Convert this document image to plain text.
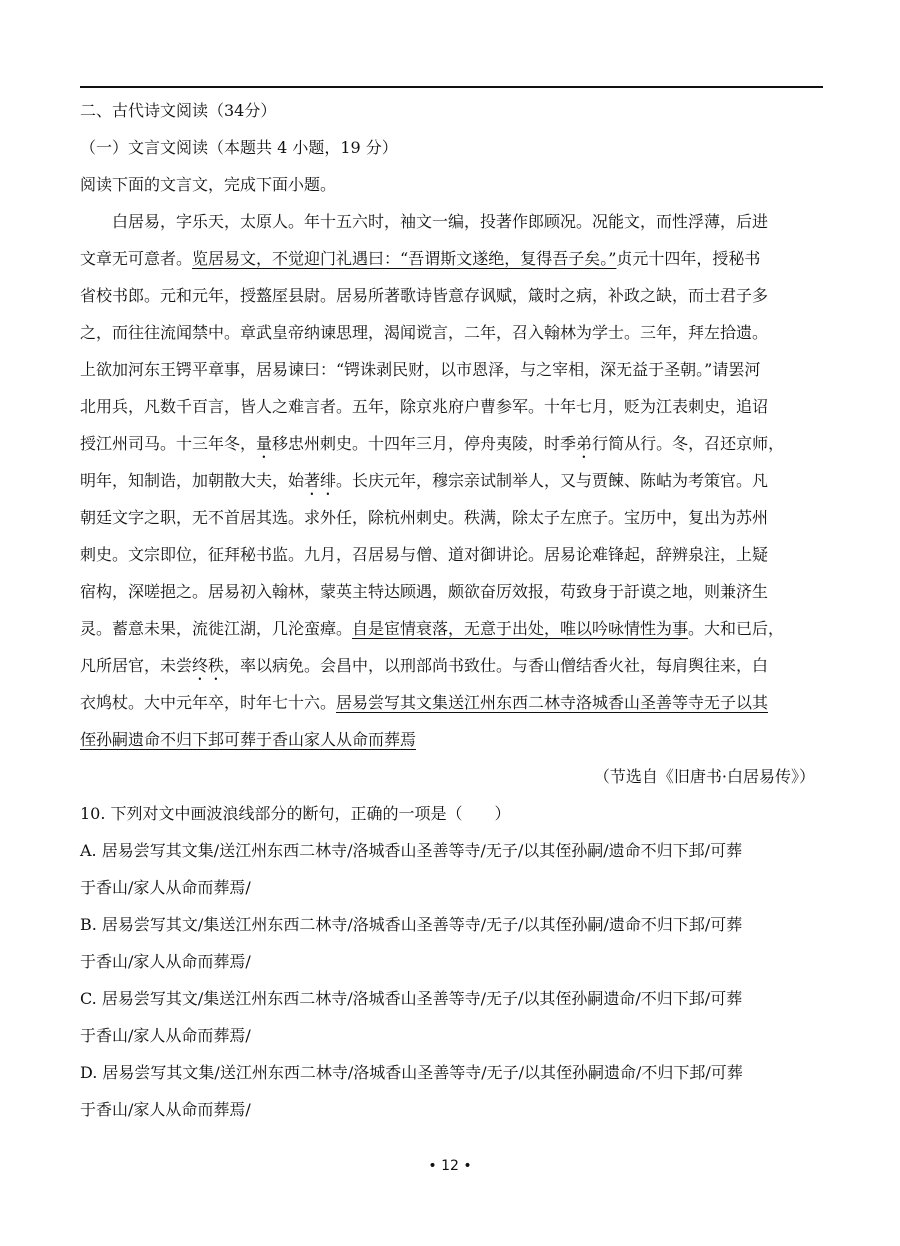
二、古代诗文阅读（34分）
（一）文言文阅读（本题共 4 小题，19 分）
阅读下面的文言文，完成下面小题。
白居易，字乐天，太原人。年十五六时，袖文一编，投著作郎顾况。况能文，而性浮薄，后进
文章无可意者。览居易文，不觉迎门礼遇曰：“吾谓斯文遂绝，复得吾子矣。”贞元十四年，授秘书
省校书郎。元和元年，授盩厔县尉。居易所著歌诗皆意存讽赋，箴时之病，补政之缺，而士君子多
之，而往往流闻禁中。章武皇帝纳谏思理，渴闻谠言，二年，召入翰林为学士。三年，拜左拾遗。
上欲加河东王锷平章事，居易谏曰：“锷诛剥民财，以市恩泽，与之宰相，深无益于圣朝。”请罢河
北用兵，凡数千百言，皆人之难言者。五年，除京兆府户曹参军。十年七月，贬为江表刺史，追诏
授江州司马。十三年冬，量移忠州刺史。十四年三月，停舟夷陵，时季弟行简从行。冬，召还京师，
明年，知制诰，加朝散大夫，始著绯。长庆元年，穆宗亲试制举人，又与贾餗、陈岵为考策官。凡
朝廷文字之职，无不首居其选。求外任，除杭州刺史。秩满，除太子左庶子。宝历中，复出为苏州
刺史。文宗即位，征拜秘书监。九月，召居易与僧、道对御讲论。居易论难锋起，辞辨泉注，上疑
宿构，深嗟挹之。居易初入翰林，蒙英主特达顾遇，颇欲奋厉效报，苟致身于訏谟之地，则兼济生
灵。蓄意未果，流徙江湖，几沦蛮瘴。自是宦情衰落，无意于出处，唯以吟咏情性为事。大和已后，
凡所居官，未尝终秩，率以病免。会昌中，以刑部尚书致仕。与香山僧结香火社，每肩舆往来，白
衣鸠杖。大中元年卒，时年七十六。居易尝写其文集送江州东西二林寺洛城香山圣善等寺无子以其
侄孙嗣遗命不归下邽可葬于香山家人从命而葬焉
（节选自《旧唐书·白居易传》）
10. 下列对文中画波浪线部分的断句，正确的一项是（　　）
A. 居易尝写其文集/送江州东西二林寺/洛城香山圣善等寺/无子/以其侄孙嗣/遗命不归下邽/可葬
于香山/家人从命而葬焉/
B. 居易尝写其文/集送江州东西二林寺/洛城香山圣善等寺/无子/以其侄孙嗣/遗命不归下邽/可葬
于香山/家人从命而葬焉/
C. 居易尝写其文/集送江州东西二林寺/洛城香山圣善等寺/无子/以其侄孙嗣遗命/不归下邽/可葬
于香山/家人从命而葬焉/
D. 居易尝写其文集/送江州东西二林寺/洛城香山圣善等寺/无子/以其侄孙嗣遗命/不归下邽/可葬
于香山/家人从命而葬焉/
• 12 •
